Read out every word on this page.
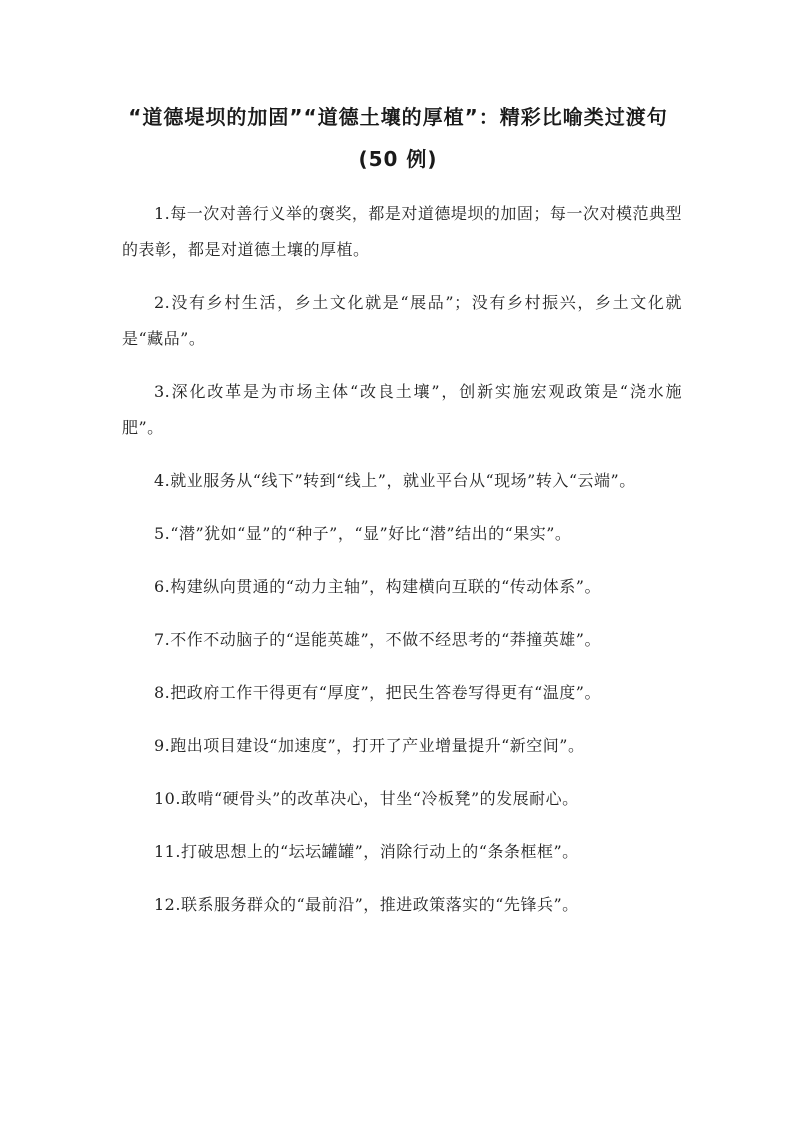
“道德堤坝的加固”“道德土壤的厚植”：精彩比喻类过渡句(50 例)

1.每一次对善行义举的褒奖，都是对道德堤坝的加固；每一次对模范典型的表彰，都是对道德土壤的厚植。

2.没有乡村生活，乡土文化就是“展品”；没有乡村振兴，乡土文化就是“藏品”。

3.深化改革是为市场主体“改良土壤”，创新实施宏观政策是“浇水施肥”。

4.就业服务从“线下”转到“线上”，就业平台从“现场”转入“云端”。

5.“潜”犹如“显”的“种子”，“显”好比“潜”结出的“果实”。

6.构建纵向贯通的“动力主轴”，构建横向互联的“传动体系”。

7.不作不动脑子的“逞能英雄”，不做不经思考的“莽撞英雄”。

8.把政府工作干得更有“厚度”，把民生答卷写得更有“温度”。

9.跑出项目建设“加速度”，打开了产业增量提升“新空间”。

10.敢啃“硬骨头”的改革决心，甘坐“冷板凳”的发展耐心。

11.打破思想上的“坛坛罐罐”，消除行动上的“条条框框”。

12.联系服务群众的“最前沿”，推进政策落实的“先锋兵”。
